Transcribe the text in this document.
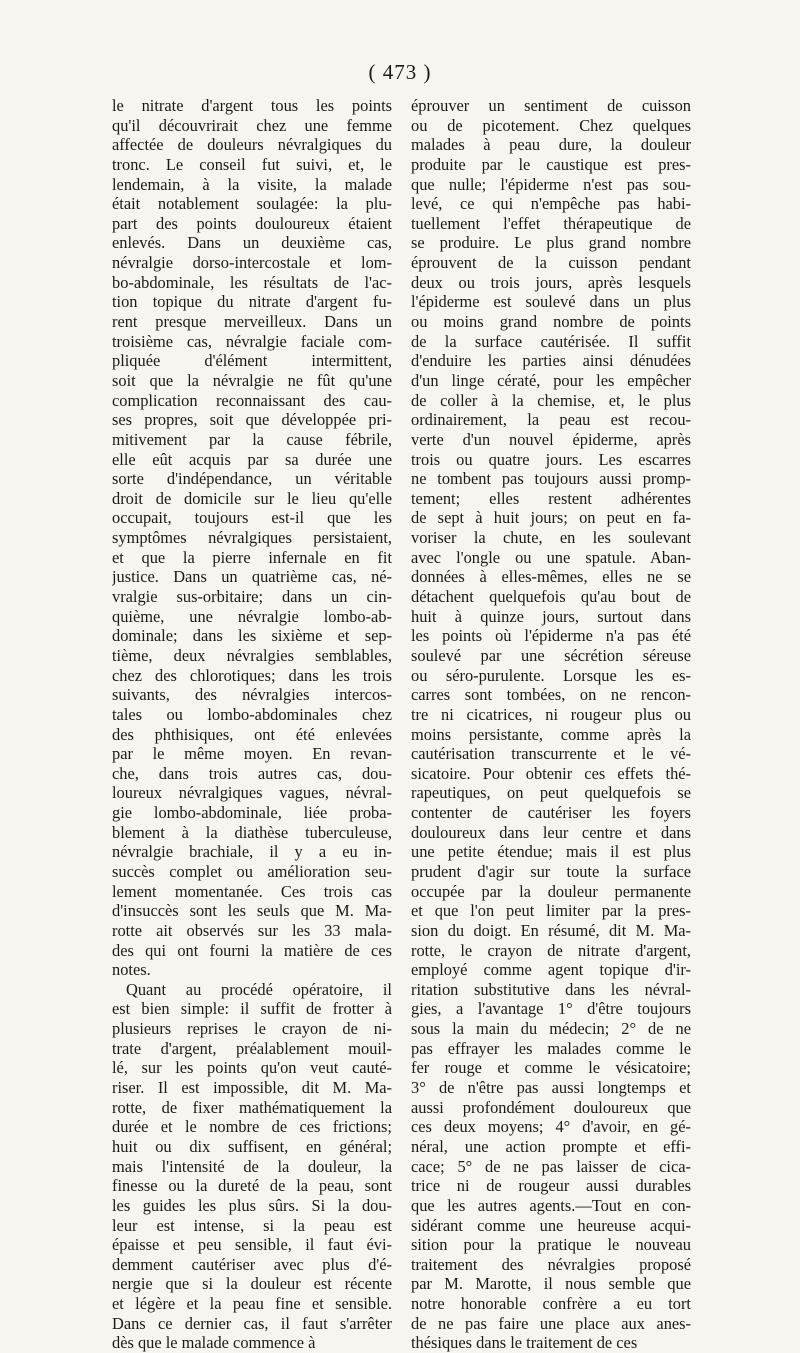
( 473 )
le nitrate d'argent tous les points
qu'il découvrirait chez une femme
affectée de douleurs névralgiques du
tronc. Le conseil fut suivi, et, le
lendemain, à la visite, la malade
était notablement soulagée: la plu-
part des points douloureux étaient
enlevés. Dans un deuxième cas,
névralgie dorso-intercostale et lom-
bo-abdominale, les résultats de l'ac-
tion topique du nitrate d'argent fu-
rent presque merveilleux. Dans un
troisième cas, névralgie faciale com-
pliquée d'élément intermittent,
soit que la névralgie ne fût qu'une
complication reconnaissant des cau-
ses propres, soit que développée pri-
mitivement par la cause fébrile,
elle eût acquis par sa durée une
sorte d'indépendance, un véritable
droit de domicile sur le lieu qu'elle
occupait, toujours est-il que les
symptômes névralgiques persistaient,
et que la pierre infernale en fit
justice. Dans un quatrième cas, né-
vralgie sus-orbitaire; dans un cin-
quième, une névralgie lombo-ab-
dominale; dans les sixième et sep-
tième, deux névralgies semblables,
chez des chlorotiques; dans les trois
suivants, des névralgies intercos-
tales ou lombo-abdominales chez
des phthisiques, ont été enlevées
par le même moyen. En revan-
che, dans trois autres cas, dou-
loureux névralgiques vagues, névral-
gie lombo-abdominale, liée proba-
blement à la diathèse tuberculeuse,
névralgie brachiale, il y a eu in-
succès complet ou amélioration seu-
lement momentanée. Ces trois cas
d'insuccès sont les seuls que M. Ma-
rotte ait observés sur les 33 mala-
des qui ont fourni la matière de ces
notes.
Quant au procédé opératoire, il
est bien simple: il suffit de frotter à
plusieurs reprises le crayon de ni-
trate d'argent, préalablement mouil-
lé, sur les points qu'on veut cauté-
riser. Il est impossible, dit M. Ma-
rotte, de fixer mathématiquement la
durée et le nombre de ces frictions;
huit ou dix suffisent, en général;
mais l'intensité de la douleur, la
finesse ou la dureté de la peau, sont
les guides les plus sûrs. Si la dou-
leur est intense, si la peau est
épaisse et peu sensible, il faut évi-
demment cautériser avec plus d'é-
nergie que si la douleur est récente
et légère et la peau fine et sensible.
Dans ce dernier cas, il faut s'arrêter
dès que le malade commence à
éprouver un sentiment de cuisson
ou de picotement. Chez quelques
malades à peau dure, la douleur
produite par le caustique est pres-
que nulle; l'épiderme n'est pas sou-
levé, ce qui n'empêche pas habi-
tuellement l'effet thérapeutique de
se produire. Le plus grand nombre
éprouvent de la cuisson pendant
deux ou trois jours, après lesquels
l'épiderme est soulevé dans un plus
ou moins grand nombre de points
de la surface cautérisée. Il suffit
d'enduire les parties ainsi dénudées
d'un linge cératé, pour les empêcher
de coller à la chemise, et, le plus
ordinairement, la peau est recou-
verte d'un nouvel épiderme, après
trois ou quatre jours. Les escarres
ne tombent pas toujours aussi promp-
tement; elles restent adhérentes
de sept à huit jours; on peut en fa-
voriser la chute, en les soulevant
avec l'ongle ou une spatule. Aban-
données à elles-mêmes, elles ne se
détachent quelquefois qu'au bout de
huit à quinze jours, surtout dans
les points où l'épiderme n'a pas été
soulevé par une sécrétion séreuse
ou séro-purulente. Lorsque les es-
carres sont tombées, on ne rencon-
tre ni cicatrices, ni rougeur plus ou
moins persistante, comme après la
cautérisation transcurrente et le vé-
sicatoire. Pour obtenir ces effets thé-
rapeutiques, on peut quelquefois se
contenter de cautériser les foyers
douloureux dans leur centre et dans
une petite étendue; mais il est plus
prudent d'agir sur toute la surface
occupée par la douleur permanente
et que l'on peut limiter par la pres-
sion du doigt. En résumé, dit M. Ma-
rotte, le crayon de nitrate d'argent,
employé comme agent topique d'ir-
ritation substitutive dans les névral-
gies, a l'avantage 1° d'être toujours
sous la main du médecin; 2° de ne
pas effrayer les malades comme le
fer rouge et comme le vésicatoire;
3° de n'être pas aussi longtemps et
aussi profondément douloureux que
ces deux moyens; 4° d'avoir, en gé-
néral, une action prompte et effi-
cace; 5° de ne pas laisser de cica-
trice ni de rougeur aussi durables
que les autres agents.—Tout en con-
sidérant comme une heureuse acqui-
sition pour la pratique le nouveau
traitement des névralgies proposé
par M. Marotte, il nous semble que
notre honorable confrère a eu tort
de ne pas faire une place aux anes-
thésiques dans le traitement de ces
